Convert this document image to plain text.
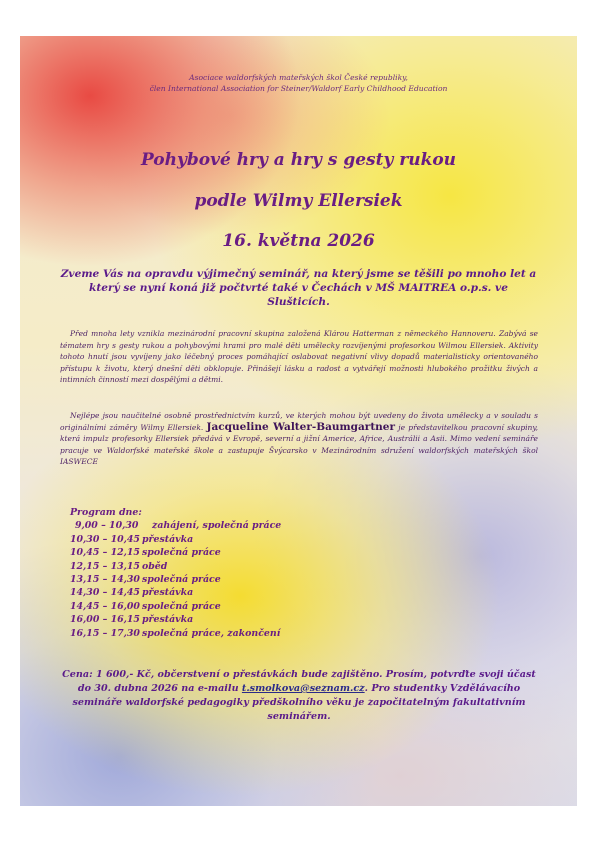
Asociace waldorfských mateřských škol České republiky,
člen International Association for Steiner/Waldorf Early Childhood Education
Pohybové hry a hry s gesty rukou
podle Wilmy Ellersiek
16. května 2026
Zveme Vás na opravdu výjimečný seminář, na který jsme se těšili po mnoho let a který se nyní koná již počtvrté také v Čechách v MŠ MAITREA o.p.s. ve Slušticích.
Před mnoha lety vznikla mezinárodní pracovní skupina založená Klárou Hatterman z německého Hannoveru. Zabývá se tématem hry s gesty rukou a pohybovými hrami pro malé děti umělecky rozvíjenými profesorkou Wilmou Ellersiek. Aktivity tohoto hnutí jsou vyvíjeny jako léčebný proces pomáhající oslabovat negativní vlivy dopadů materialisticky orientovaného přístupu k životu, který dnešní děti obklopuje. Přinášejí lásku a radost a vytvářejí možnosti hlubokého prožitku živých a intimních činností mezi dospělými a dětmi.
Nejlépe jsou naučitelné osobně prostřednictvím kurzů, ve kterých mohou být uvedeny do života umělecky a v souladu s originálními záměry Wilmy Ellersiek. Jacqueline Walter-Baumgartner je představitelkou pracovní skupiny, která impulz profesorky Ellersiek předává v Evropě, severní a jižní Americe, Africe, Austrálii a Asii. Mimo vedení semináře pracuje ve Waldorfské mateřské škole a zastupuje Švýcarsko v Mezinárodním sdružení waldorfských mateřských škol IASWECE
Program dne:
9,00 – 10,30	zahájení, společná práce
10,30 – 10,45 přestávka
10,45 – 12,15 společná práce
12,15 – 13,15 oběd
13,15 – 14,30 společná práce
14,30 – 14,45 přestávka
14,45 – 16,00 společná práce
16,00 – 16,15 přestávka
16,15 – 17,30 společná práce, zakončení
Cena: 1 600,- Kč, občerstvení o přestávkách bude zajištěno. Prosím, potvrďte svoji účast do 30. dubna 2026 na e-mailu t.smolkova@seznam.cz. Pro studentky Vzdělávacího semináře waldorfské pedagogiky předškolního věku je započitatelným fakultativním seminářem.
